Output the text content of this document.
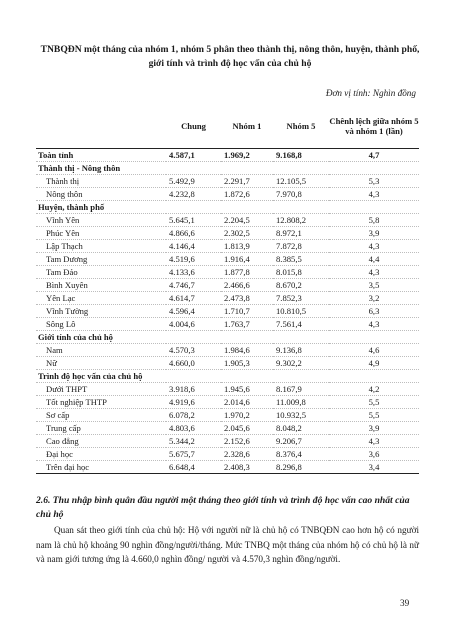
TNBQĐN một tháng của nhóm 1, nhóm 5 phân theo thành thị, nông thôn, huyện, thành phố, giới tính và trình độ học vấn của chủ hộ
Đơn vị tính: Nghìn đồng
	Chung	Nhóm 1	Nhóm 5	Chênh lệch giữa nhóm 5 và nhóm 1 (lần)
Toàn tỉnh	4.587,1	1.969,2	9.168,8	4,7
Thành thị - Nông thôn				
Thành thị	5.492,9	2.291,7	12.105,5	5,3
Nông thôn	4.232,8	1.872,6	7.970,8	4,3
Huyện, thành phố				
Vĩnh Yên	5.645,1	2.204,5	12.808,2	5,8
Phúc Yên	4.866,6	2.302,5	8.972,1	3,9
Lập Thạch	4.146,4	1.813,9	7.872,8	4,3
Tam Dương	4.519,6	1.916,4	8.385,5	4,4
Tam Đảo	4.133,6	1.877,8	8.015,8	4,3
Bình Xuyên	4.746,7	2.466,6	8.670,2	3,5
Yên Lạc	4.614,7	2.473,8	7.852,3	3,2
Vĩnh Tường	4.596,4	1.710,7	10.810,5	6,3
Sông Lô	4.004,6	1.763,7	7.561,4	4,3
Giới tính của chủ hộ				
Nam	4.570,3	1.984,6	9.136,8	4,6
Nữ	4.660,0	1.905,3	9.302,2	4,9
Trình độ học vấn của chủ hộ				
Dưới THPT	3.918,6	1.945,6	8.167,9	4,2
Tốt nghiệp THTP	4.919,6	2.014,6	11.009,8	5,5
Sơ cấp	6.078,2	1.970,2	10.932,5	5,5
Trung cấp	4.803,6	2.045,6	8.048,2	3,9
Cao đẳng	5.344,2	2.152,6	9.206,7	4,3
Đại học	5.675,7	2.328,6	8.376,4	3,6
Trên đại học	6.648,4	2.408,3	8.296,8	3,4
2.6. Thu nhập bình quân đầu người một tháng theo giới tính và trình độ học vấn cao nhất của chủ hộ
Quan sát theo giới tính của chủ hộ: Hộ với người nữ là chủ hộ có TNBQĐN cao hơn hộ có người nam là chủ hộ khoảng 90 nghìn đồng/người/tháng. Mức TNBQ một tháng của nhóm hộ có chủ hộ là nữ và nam giới tương ứng là 4.660,0 nghìn đồng/ người và 4.570,3 nghìn đồng/người.
39
